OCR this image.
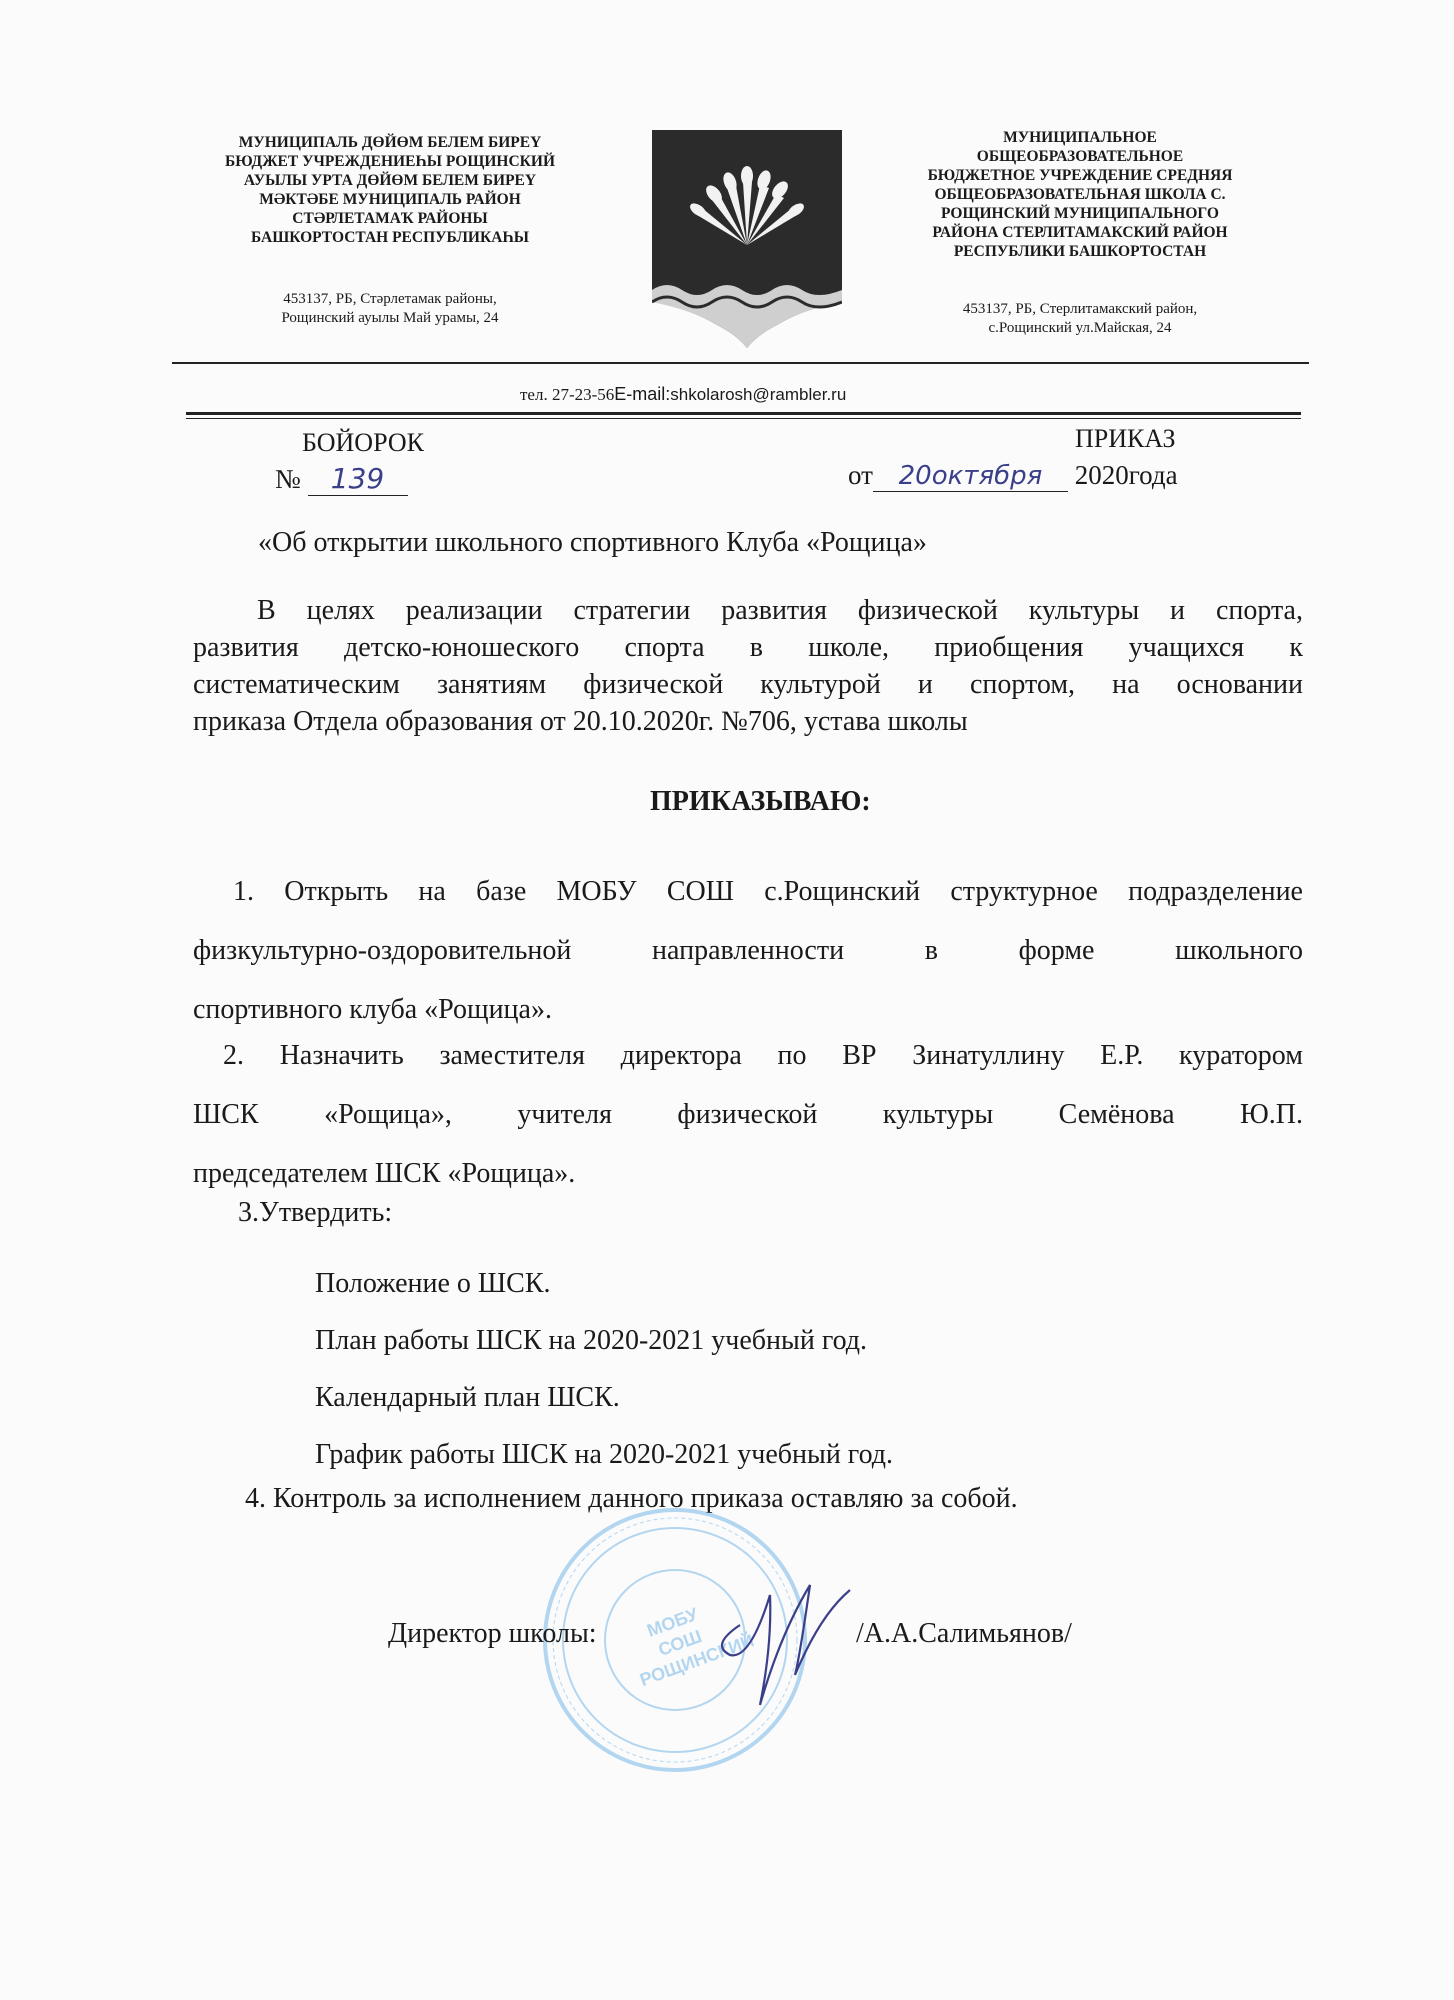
МУНИЦИПАЛЬ ДӨЙӨМ БЕЛЕМ БИРЕҮ
БЮДЖЕТ УЧРЕЖДЕНИЕҺЫ РОЩИНСКИЙ
АУЫЛЫ УРТА ДӨЙӨМ БЕЛЕМ БИРЕҮ
МӘКТӘБЕ МУНИЦИПАЛЬ РАЙОН
СТӘРЛЕТАМАҠ РАЙОНЫ
БАШКОРТОСТАН РЕСПУБЛИКАҺЫ
453137, РБ, Стәрлетамак районы,
Рощинский ауылы Май урамы, 24
МУНИЦИПАЛЬНОЕ
ОБЩЕОБРАЗОВАТЕЛЬНОЕ
БЮДЖЕТНОЕ УЧРЕЖДЕНИЕ СРЕДНЯЯ
ОБЩЕОБРАЗОВАТЕЛЬНАЯ ШКОЛА С.
РОЩИНСКИЙ МУНИЦИПАЛЬНОГО
РАЙОНА СТЕРЛИТАМАКСКИЙ РАЙОН
РЕСПУБЛИКИ БАШКОРТОСТАН
453137, РБ, Стерлитамакский район,
с.Рощинский ул.Майская, 24
тел. 27-23-56E-mail:shkolarosh@rambler.ru
БОЙОРОК
№ 139
ПРИКАЗ
от 20октября 2020года
«Об открытии школьного спортивного Клуба «Рощица»
В целях реализации стратегии развития физической культуры и спорта,
развития детско-юношеского спорта в школе, приобщения учащихся к
систематическим занятиям физической культурой и спортом, на основании
приказа Отдела образования от 20.10.2020г. №706, устава школы
ПРИКАЗЫВАЮ:
1. Открыть на базе МОБУ СОШ с.Рощинский структурное подразделение
физкультурно-оздоровительной направленности в форме школьного
спортивного клуба «Рощица».
2. Назначить заместителя директора по ВР Зинатуллину Е.Р. куратором
ШСК «Рощица», учителя физической культуры Семёнова Ю.П.
председателем ШСК «Рощица».
3.Утвердить:

Положение о ШСК.

План работы ШСК на 2020-2021 учебный год.

Календарный план ШСК.

График работы ШСК на 2020-2021 учебный год.

4. Контроль за исполнением данного приказа оставляю за собой.
МОБУ СОШ РОЩИНСКИЙ
Директор школы:	/А.А.Салимьянов/
